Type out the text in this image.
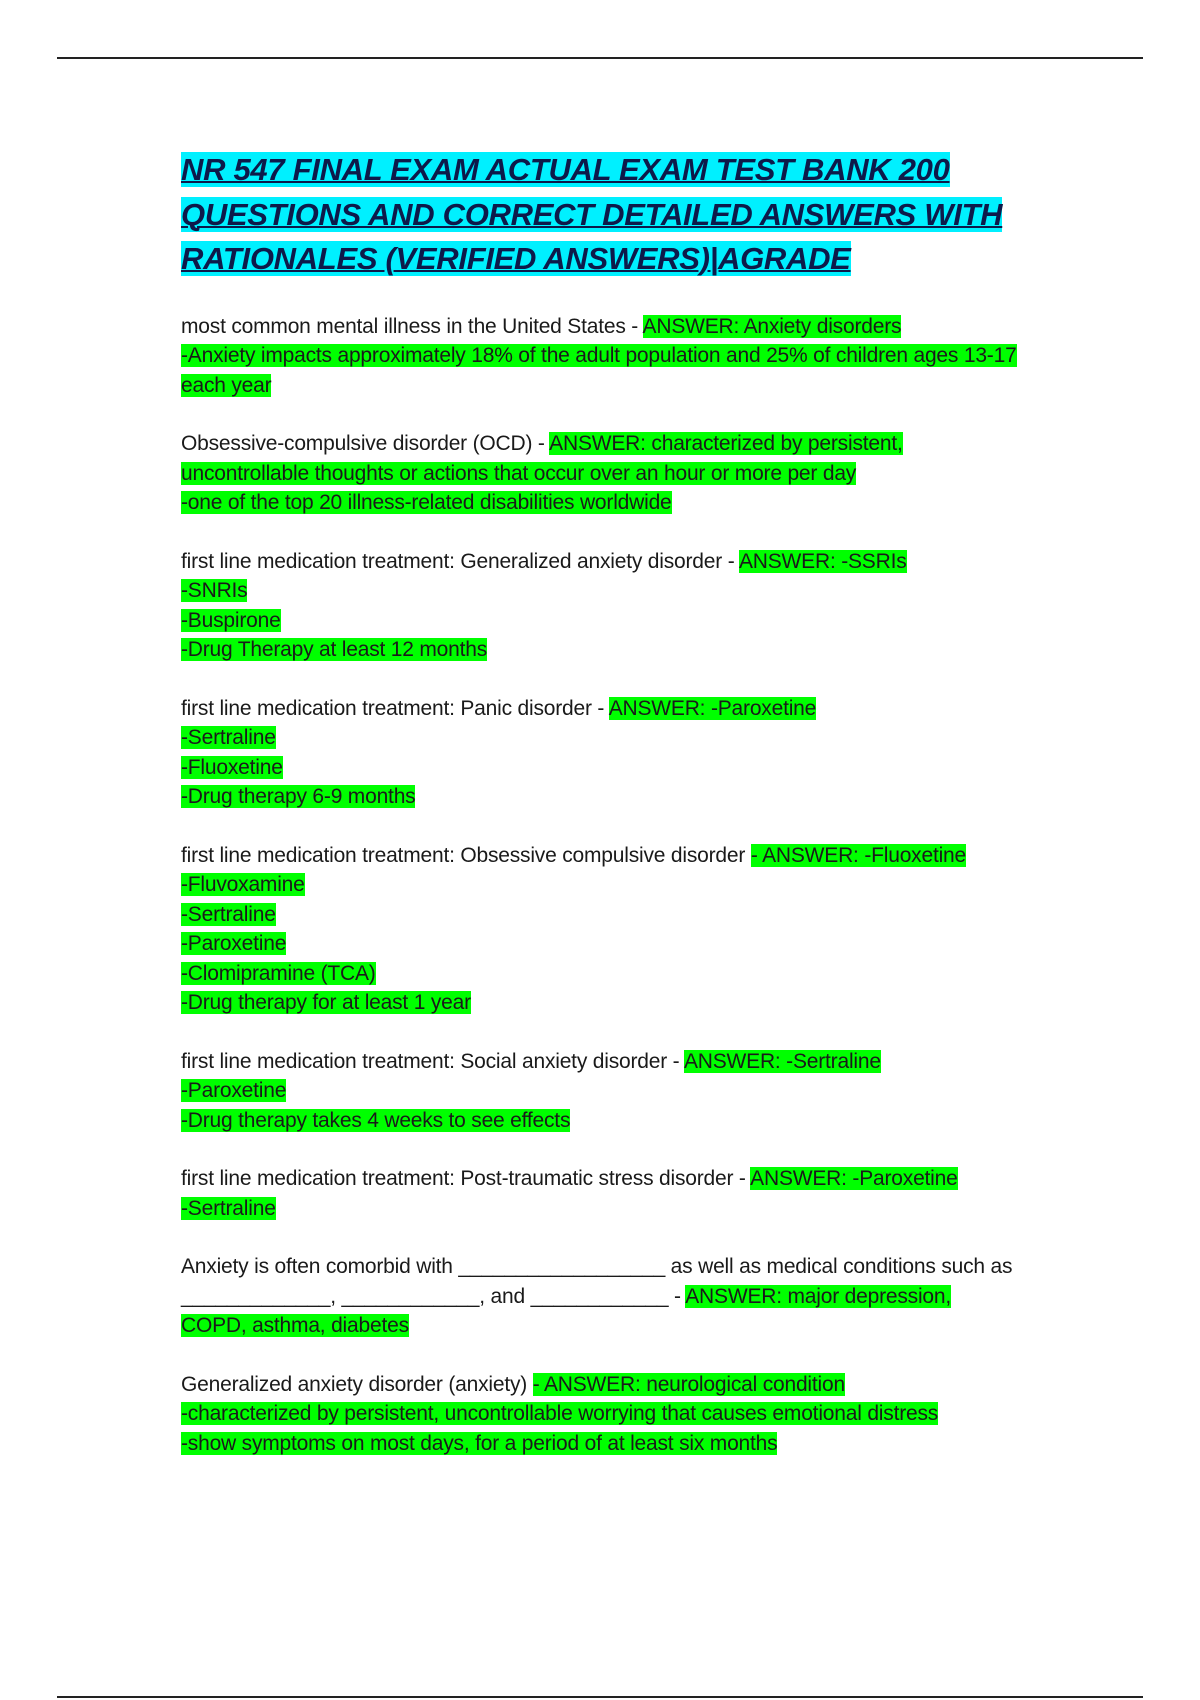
NR 547 FINAL EXAM ACTUAL EXAM TEST BANK 200 QUESTIONS AND CORRECT DETAILED ANSWERS WITH RATIONALES (VERIFIED ANSWERS)|AGRADE

most common mental illness in the United States - ANSWER: Anxiety disorders
-Anxiety impacts approximately 18% of the adult population and 25% of children ages 13-17 each year

Obsessive-compulsive disorder (OCD) - ANSWER: characterized by persistent, uncontrollable thoughts or actions that occur over an hour or more per day
-one of the top 20 illness-related disabilities worldwide

first line medication treatment: Generalized anxiety disorder - ANSWER: -SSRIs
-SNRIs
-Buspirone
-Drug Therapy at least 12 months

first line medication treatment: Panic disorder - ANSWER: -Paroxetine
-Sertraline
-Fluoxetine
-Drug therapy 6-9 months

first line medication treatment: Obsessive compulsive disorder - ANSWER: -Fluoxetine
-Fluvoxamine
-Sertraline
-Paroxetine
-Clomipramine (TCA)
-Drug therapy for at least 1 year

first line medication treatment: Social anxiety disorder - ANSWER: -Sertraline
-Paroxetine
-Drug therapy takes 4 weeks to see effects

first line medication treatment: Post-traumatic stress disorder - ANSWER: -Paroxetine
-Sertraline

Anxiety is often comorbid with __________________ as well as medical conditions such as _____________, ____________, and ____________ - ANSWER: major depression, COPD, asthma, diabetes

Generalized anxiety disorder (anxiety) - ANSWER: neurological condition
-characterized by persistent, uncontrollable worrying that causes emotional distress
-show symptoms on most days, for a period of at least six months
